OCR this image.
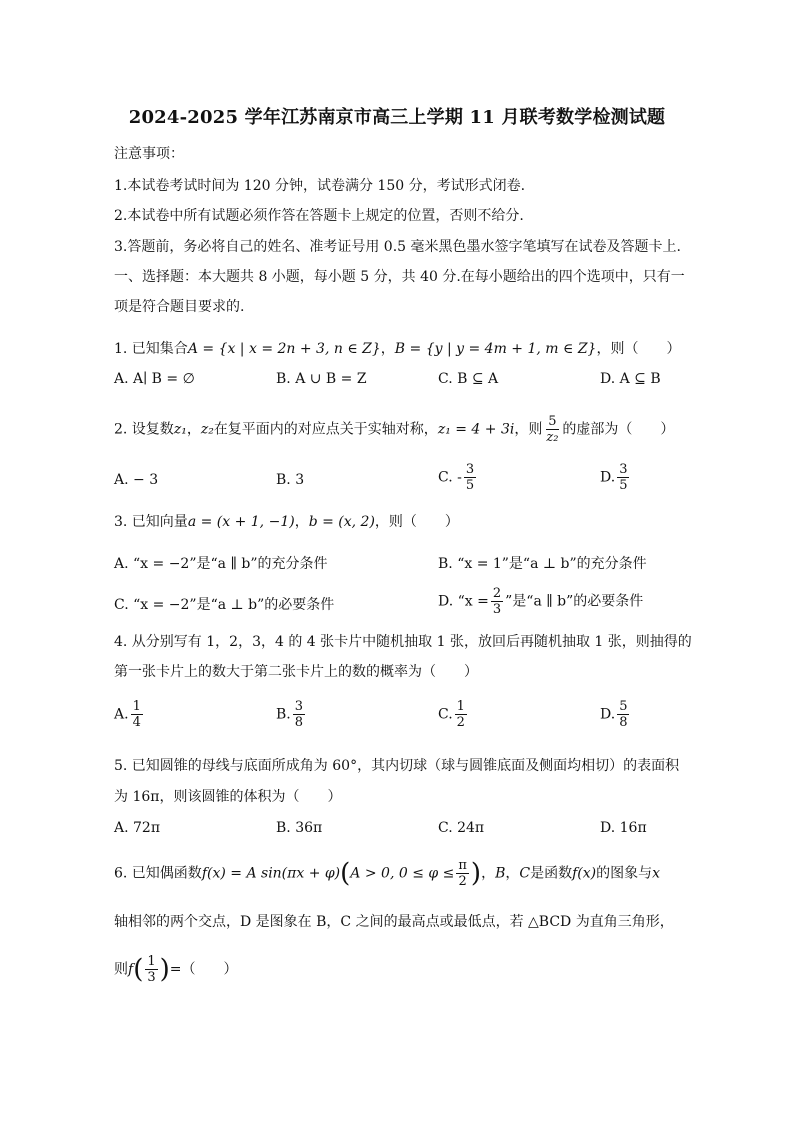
2024-2025 学年江苏南京市高三上学期 11 月联考数学检测试题
注意事项：
1.本试卷考试时间为 120 分钟，试卷满分 150 分，考试形式闭卷.
2.本试卷中所有试题必须作答在答题卡上规定的位置，否则不给分.
3.答题前，务必将自己的姓名、准考证号用 0.5 毫米黑色墨水签字笔填写在试卷及答题卡上.
一、选择题：本大题共 8 小题，每小题 5 分，共 40 分.在每小题给出的四个选项中，只有一
项是符合题目要求的.
1. 已知集合A = {x | x = 2n + 3, n ∈ Z}，B = {y | y = 4m + 1, m ∈ Z}，则（　　）
A. A∣ B = ∅	B. A ∪ B = Z	C. B ⊆ A	D. A ⊆ B
2. 设复数z₁，z₂在复平面内的对应点关于实轴对称，z₁ = 4 + 3i，则 $\frac{5}{\text{z₂}}$ 的虚部为（　　）
A. − 3	B. 3	C. - $\frac{3}{5}$	D. $\frac{3}{5}$
3. 已知向量a = (x + 1, −1)，b = (x, 2)，则（　　）
A. “x = −2”是“a ∥ b”的充分条件	B. “x = 1”是“a ⊥ b”的充分条件
C. “x = −2”是“a ⊥ b”的必要条件	D. “$x = \frac{2}{3}$ ”是“a ∥ b”的必要条件
4. 从分别写有 1，2，3，4 的 4 张卡片中随机抽取 1 张，放回后再随机抽取 1 张，则抽得的
第一张卡片上的数大于第二张卡片上的数的概率为（　　）
A. $\frac{1}{4}$	B. $\frac{3}{8}$	C. $\frac{1}{2}$	D. $\frac{5}{8}$
5. 已知圆锥的母线与底面所成角为 60°，其内切球（球与圆锥底面及侧面均相切）的表面积
为 16π，则该圆锥的体积为（　　）
A. 72π	B. 36π	C. 24π	D. 16π
6. 已知偶函数f(x) = A sin(πx + φ)(A > 0, $0 \le \varphi \le \frac{\pi}{2}$ )，B，C是函数f(x)的图象与x
轴相邻的两个交点，D 是图象在 B，C 之间的最高点或最低点，若 △BCD 为直角三角形，
则$f( \frac{1}{3}$ )=（　　）
